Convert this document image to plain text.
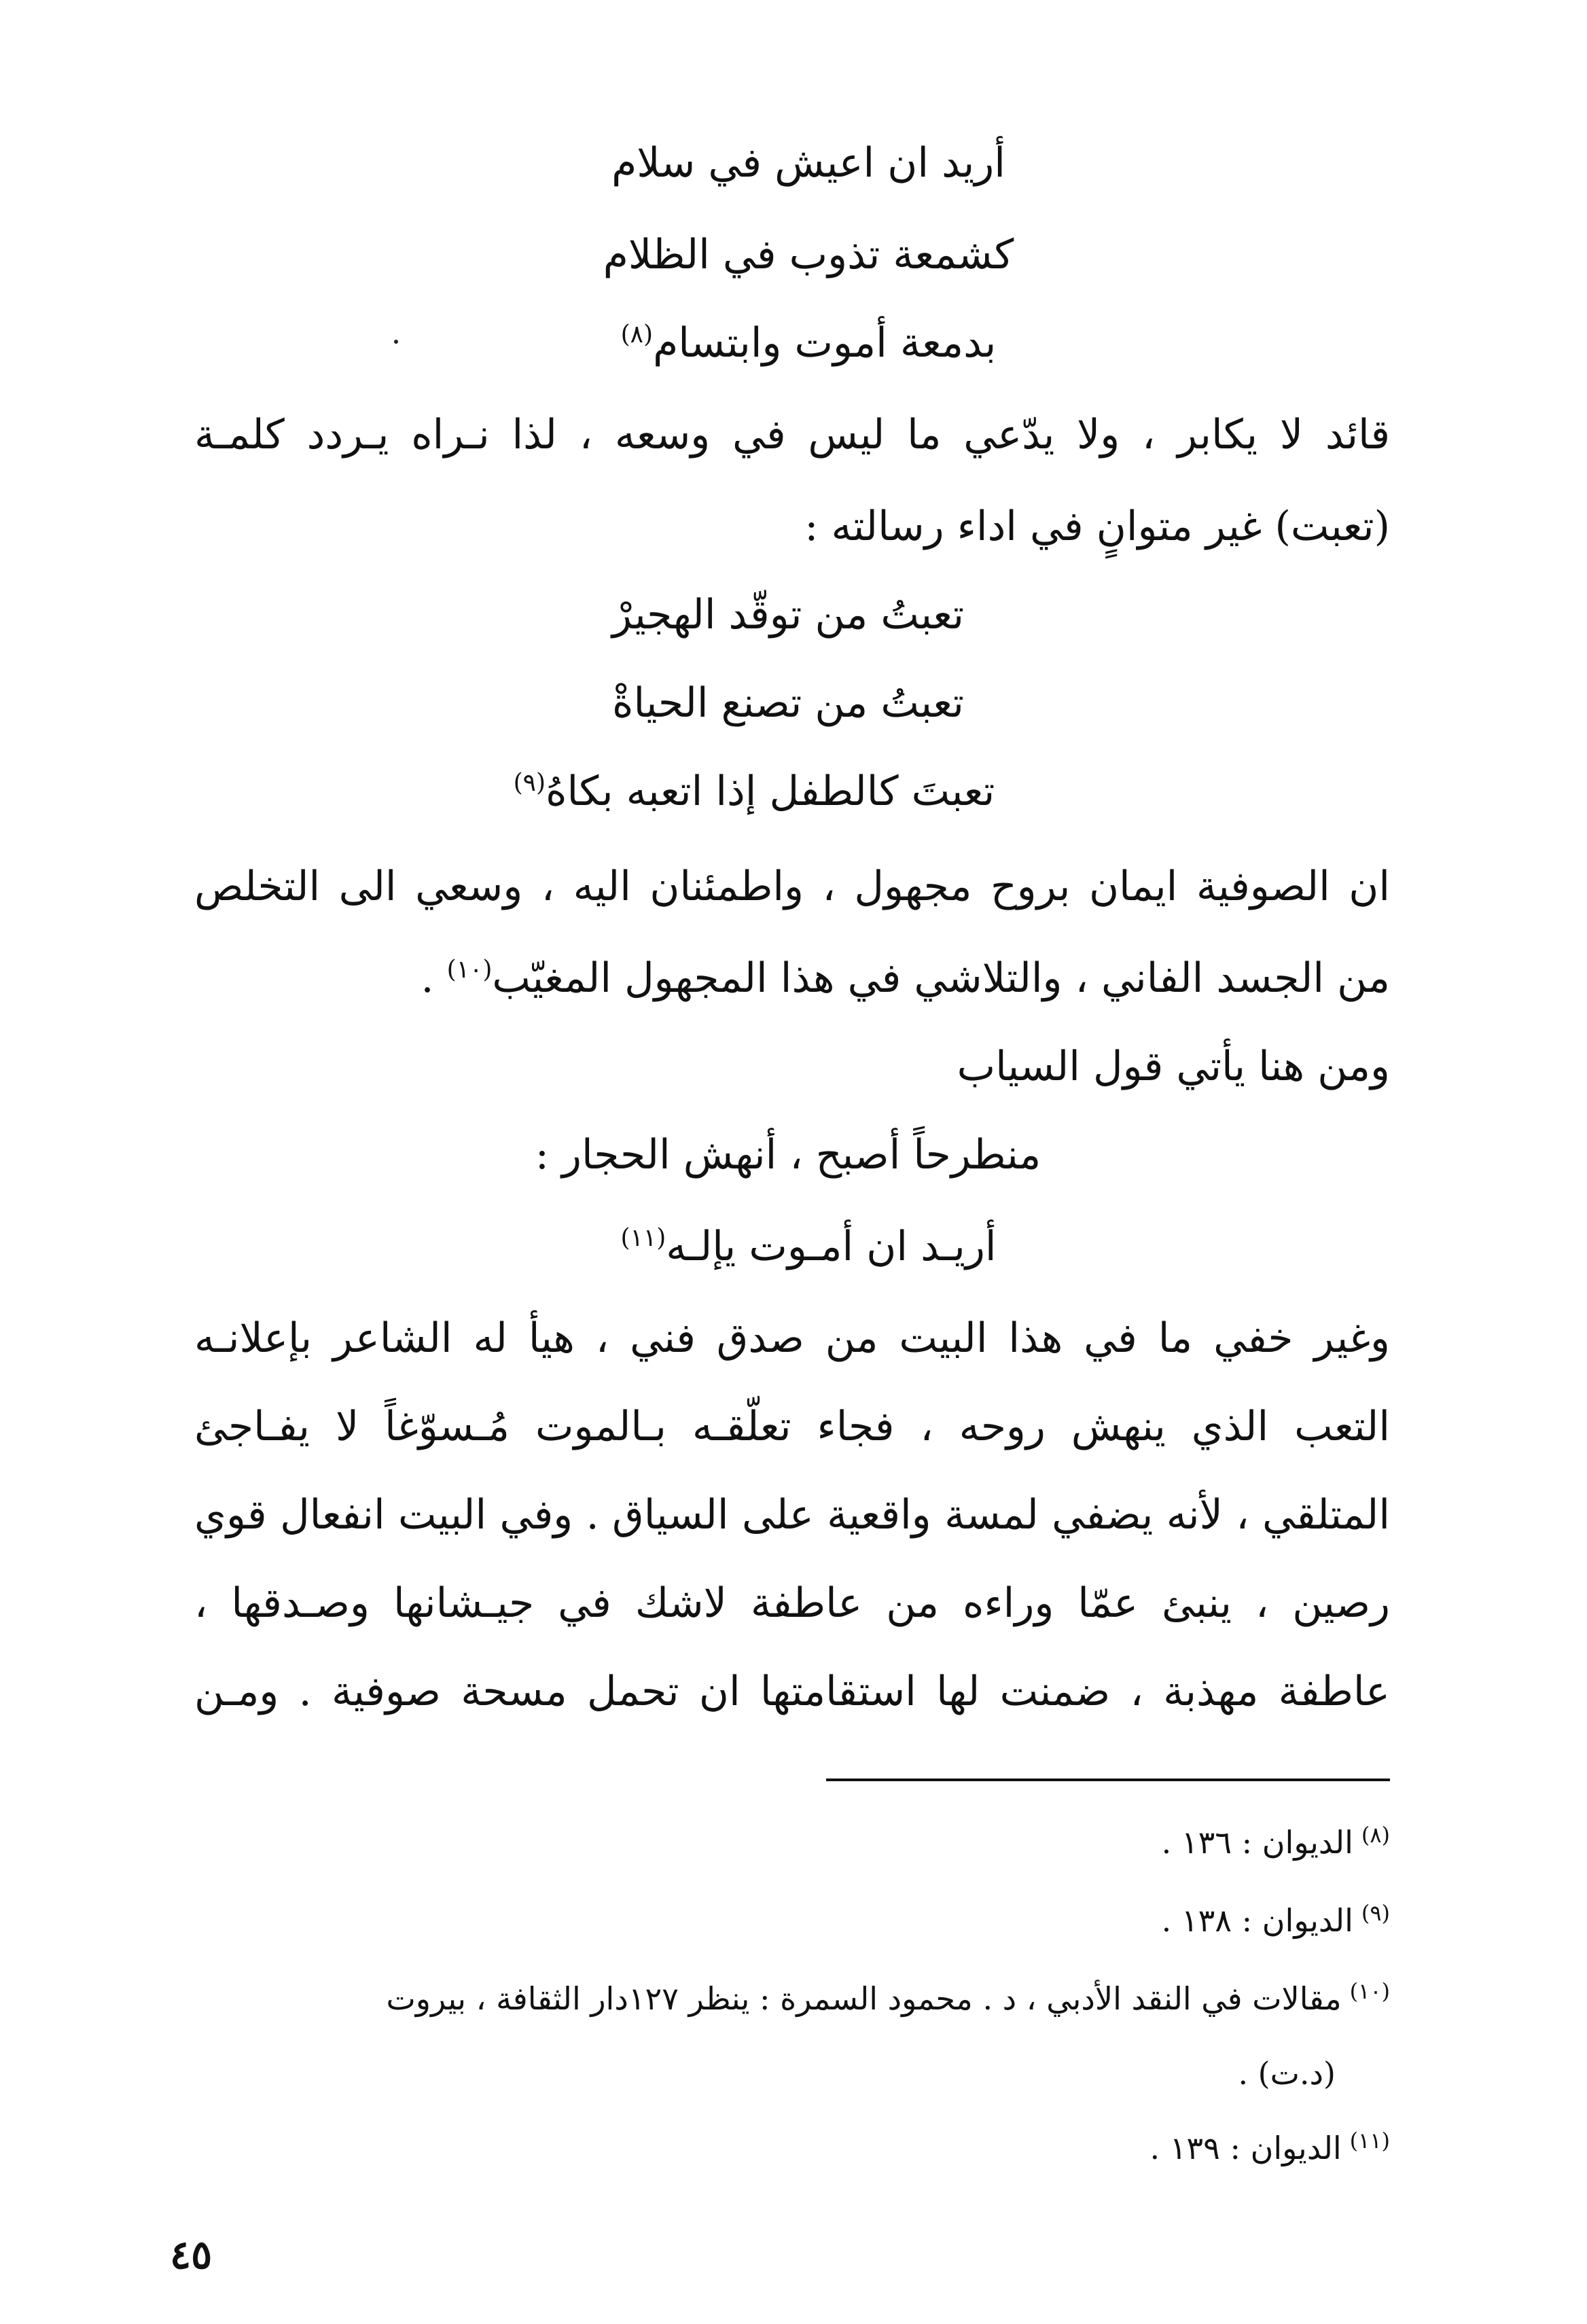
أريد ان اعيش في سلام
كشمعة تذوب في الظلام
بدمعة أموت وابتسام$^{(٨)}$
قائد لا يكابر ، ولا يدّعي ما ليس في وسعه ، لذا نـراه يـردد كلمـة
(تعبت) غير متوانٍ في اداء رسالته :
تعبتُ من توقّد الهجيرْ
تعبتُ من تصنع الحياةْ
تعبتَ كالطفل إذا اتعبه بكاهُ$^{(٩)}$
ان الصوفية ايمان بروح مجهول ، واطمئنان اليه ، وسعي الى التخلص
من الجسد الفاني ، والتلاشي في هذا المجهول المغيّب$^{(١٠)}$ .
ومن هنا يأتي قول السياب
منطرحاً أصبح ، أنهش الحجار :
أريـد ان أمـوت يإلـه$^{(١١)}$
وغير خفي ما في هذا البيت من صدق فني ، هيأ له الشاعر بإعلانـه
التعب الذي ينهش روحه ، فجاء تعلّقـه بـالموت مُـسوّغاً لا يفـاجئ
المتلقي ، لأنه يضفي لمسة واقعية على السياق . وفي البيت انفعال قوي
رصين ، ينبئ عمّا وراءه من عاطفة لاشك في جيـشانها وصـدقها ،
عاطفة مهذبة ، ضمنت لها استقامتها ان تحمل مسحة صوفية . ومـن
$^{(٨)}$الديوان : ١٣٦ .
$^{(٩)}$الديوان : ١٣٨ .
$^{(١٠)}$مقالات في النقد الأدبي ، د . محمود السمرة : ينظر ١٢٧دار الثقافة ، بيروت
(د.ت) .
$^{(١١)}$الديوان : ١٣٩ .
٤٥
